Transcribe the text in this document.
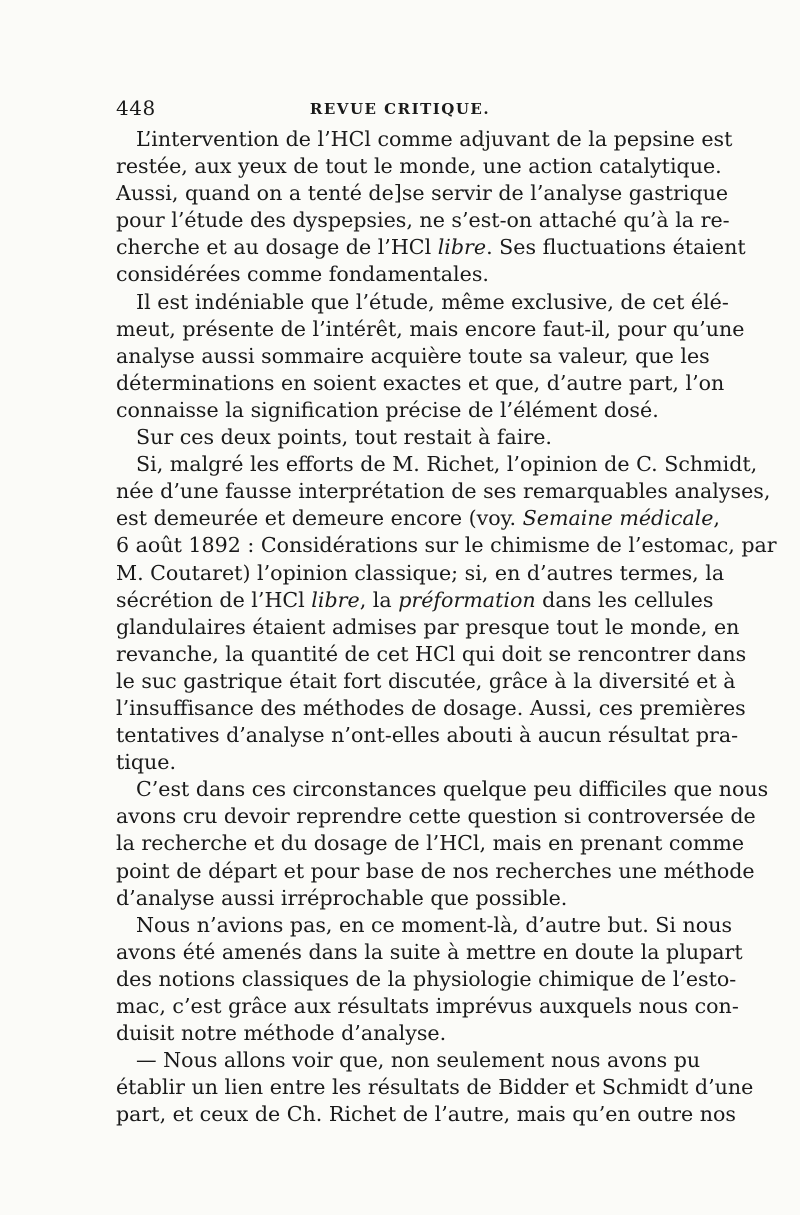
448	REVUE CRITIQUE.

L’intervention de l’HCl comme adjuvant de la pepsine est
restée, aux yeux de tout le monde, une action catalytique.
Aussi, quand on a tenté de]se servir de l’analyse gastrique
pour l’étude des dyspepsies, ne s’est-on attaché qu’à la re-
cherche et au dosage de l’HCl libre. Ses fluctuations étaient
considérées comme fondamentales.

Il est indéniable que l’étude, même exclusive, de cet élé-
meut, présente de l’intérêt, mais encore faut-il, pour qu’une
analyse aussi sommaire acquière toute sa valeur, que les
déterminations en soient exactes et que, d’autre part, l’on
connaisse la signification précise de l’élément dosé.

Sur ces deux points, tout restait à faire.

Si, malgré les efforts de M. Richet, l’opinion de C. Schmidt,
née d’une fausse interprétation de ses remarquables analyses,
est demeurée et demeure encore (voy. Semaine médicale,
6 août 1892 : Considérations sur le chimisme de l’estomac, par
M. Coutaret) l’opinion classique; si, en d’autres termes, la
sécrétion de l’HCl libre, la préformation dans les cellules
glandulaires étaient admises par presque tout le monde, en
revanche, la quantité de cet HCl qui doit se rencontrer dans
le suc gastrique était fort discutée, grâce à la diversité et à
l’insuffisance des méthodes de dosage. Aussi, ces premières
tentatives d’analyse n’ont-elles abouti à aucun résultat pra-
tique.

C’est dans ces circonstances quelque peu difficiles que nous
avons cru devoir reprendre cette question si controversée de
la recherche et du dosage de l’HCl, mais en prenant comme
point de départ et pour base de nos recherches une méthode
d’analyse aussi irréprochable que possible.

Nous n’avions pas, en ce moment-là, d’autre but. Si nous
avons été amenés dans la suite à mettre en doute la plupart
des notions classiques de la physiologie chimique de l’esto-
mac, c’est grâce aux résultats imprévus auxquels nous con-
duisit notre méthode d’analyse.

— Nous allons voir que, non seulement nous avons pu
établir un lien entre les résultats de Bidder et Schmidt d’une
part, et ceux de Ch. Richet de l’autre, mais qu’en outre nos
